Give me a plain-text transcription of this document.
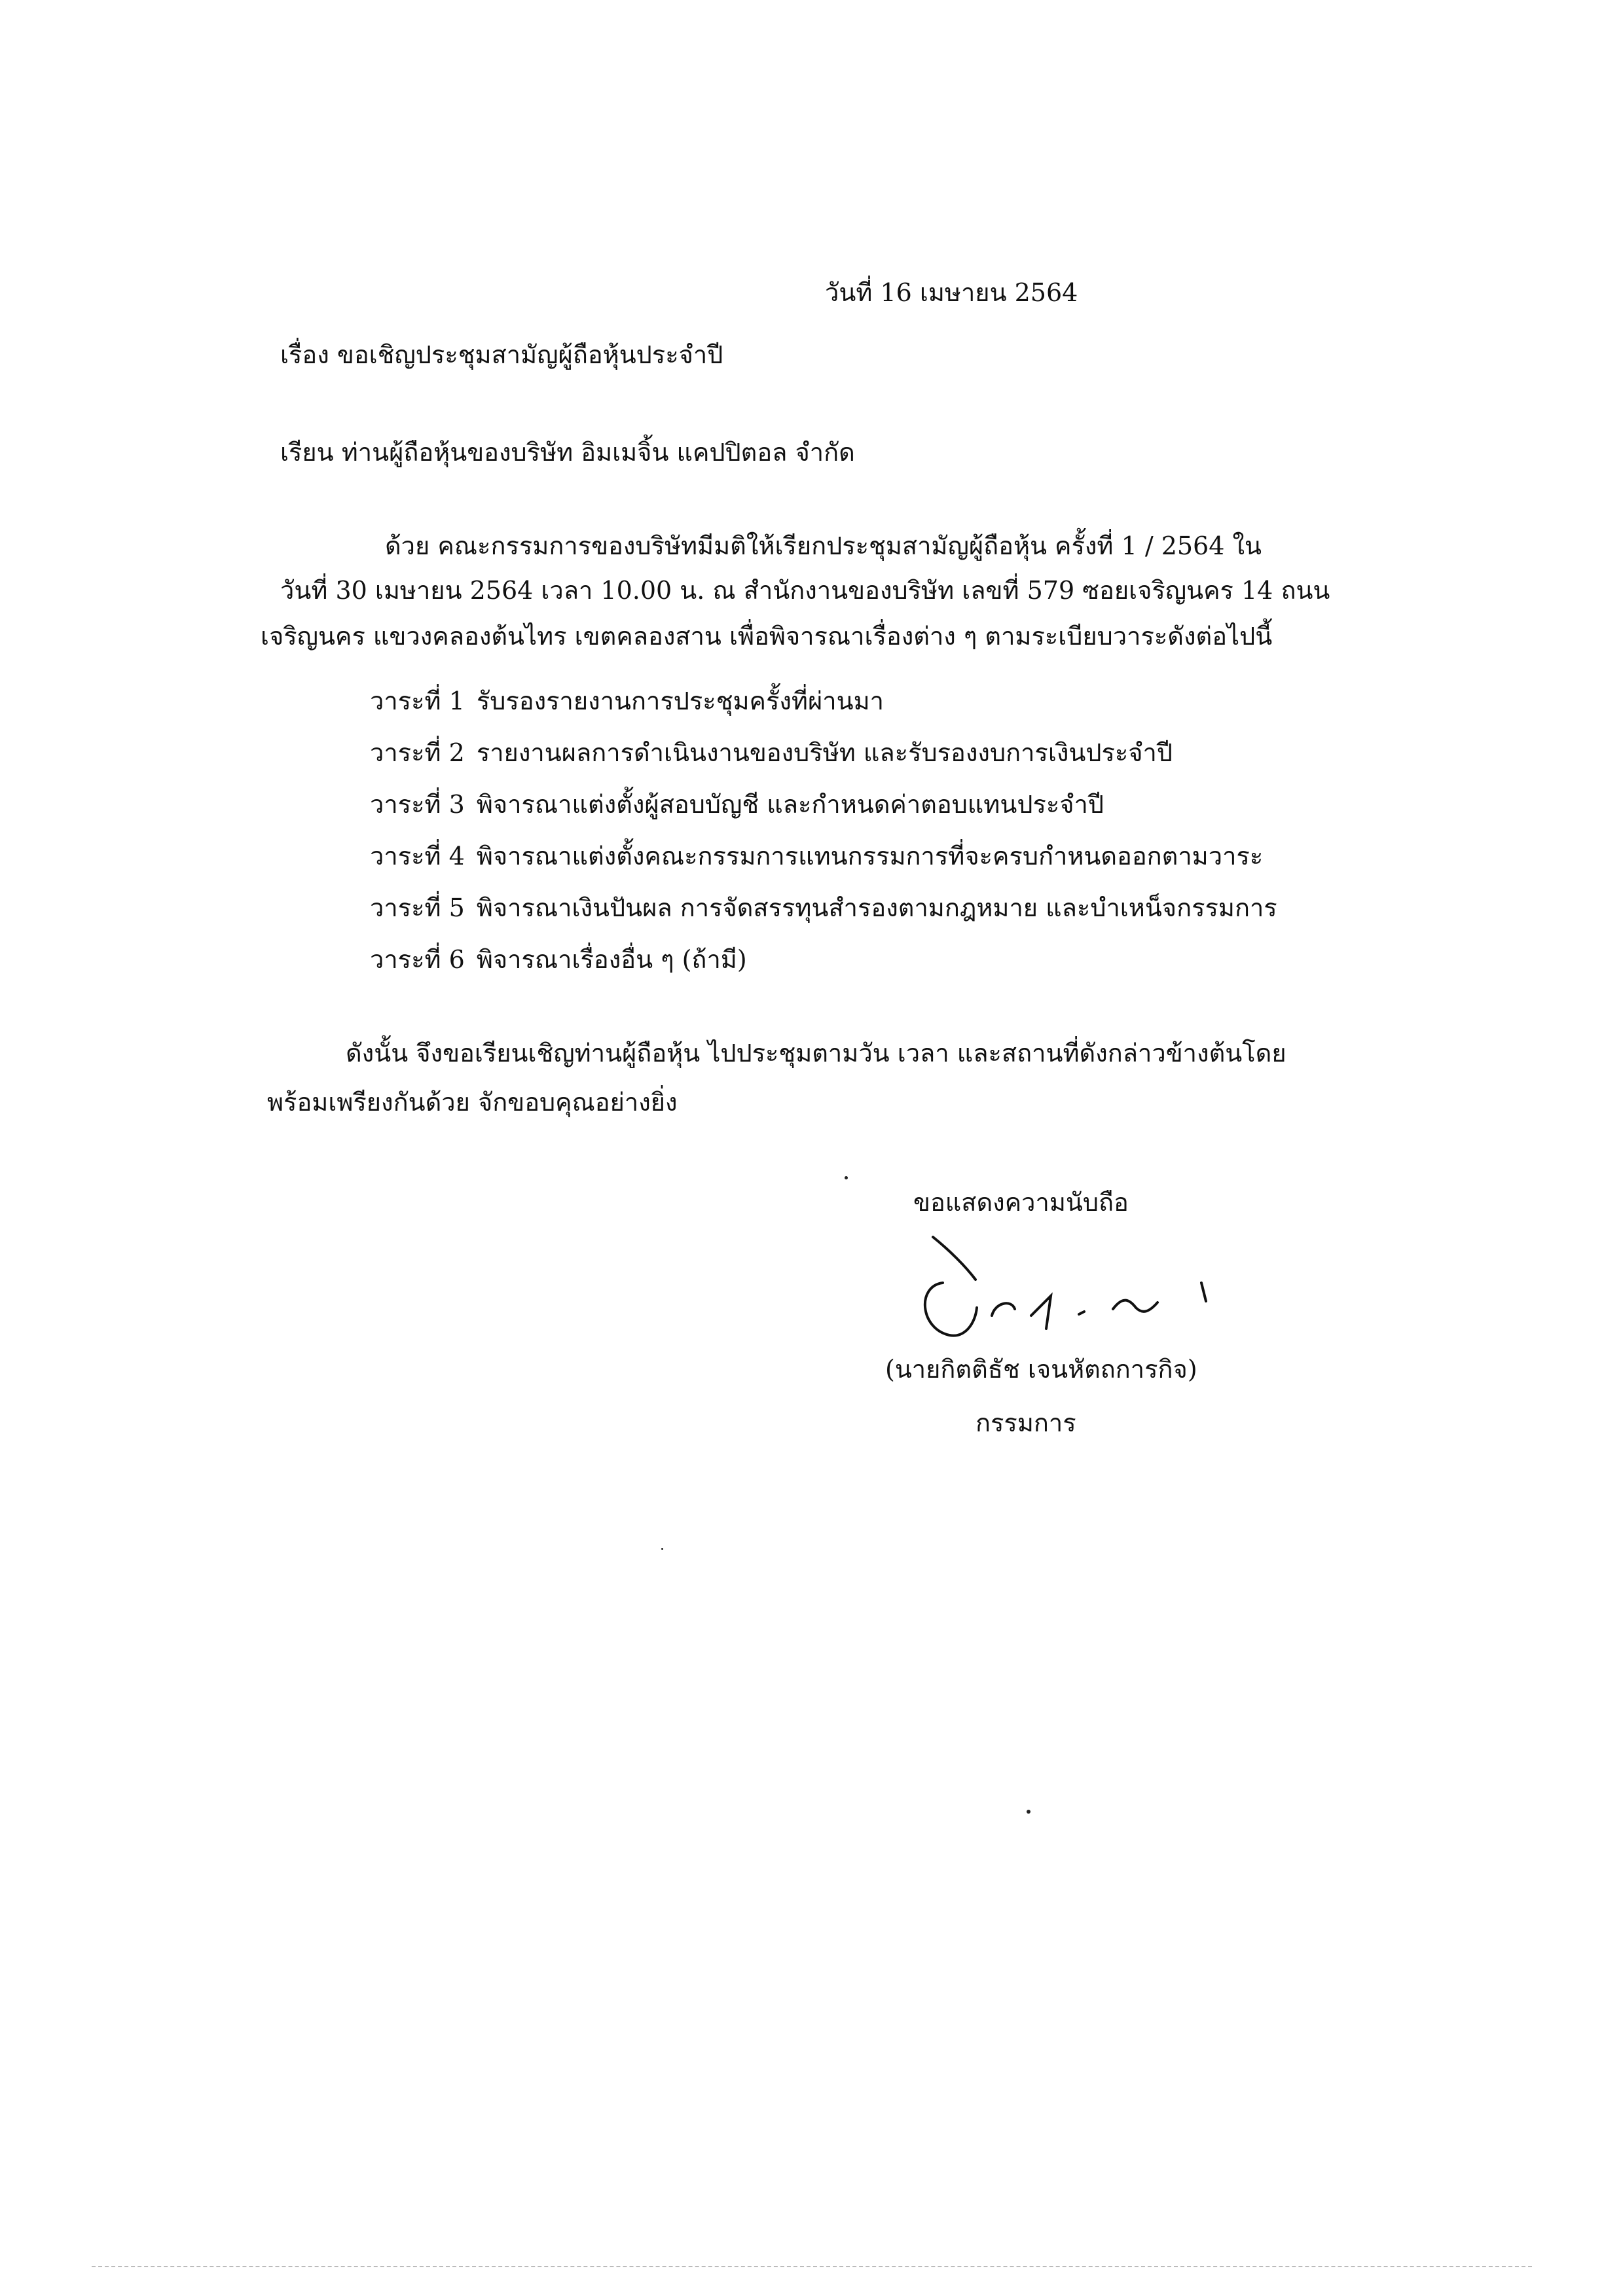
วันที่ 16 เมษายน 2564
เรื่อง ขอเชิญประชุมสามัญผู้ถือหุ้นประจำปี
เรียน ท่านผู้ถือหุ้นของบริษัท อิมเมจิ้น แคปปิตอล จำกัด
ด้วย คณะกรรมการของบริษัทมีมติให้เรียกประชุมสามัญผู้ถือหุ้น ครั้งที่ 1 / 2564 ใน
วันที่ 30 เมษายน 2564 เวลา 10.00 น. ณ สำนักงานของบริษัท เลขที่ 579 ซอยเจริญนคร 14 ถนน
เจริญนคร แขวงคลองต้นไทร เขตคลองสาน เพื่อพิจารณาเรื่องต่าง ๆ ตามระเบียบวาระดังต่อไปนี้
วาระที่ 1 รับรองรายงานการประชุมครั้งที่ผ่านมา
วาระที่ 2 รายงานผลการดำเนินงานของบริษัท และรับรองงบการเงินประจำปี
วาระที่ 3 พิจารณาแต่งตั้งผู้สอบบัญชี และกำหนดค่าตอบแทนประจำปี
วาระที่ 4 พิจารณาแต่งตั้งคณะกรรมการแทนกรรมการที่จะครบกำหนดออกตามวาระ
วาระที่ 5 พิจารณาเงินปันผล การจัดสรรทุนสำรองตามกฎหมาย และบำเหน็จกรรมการ
วาระที่ 6 พิจารณาเรื่องอื่น ๆ (ถ้ามี)
ดังนั้น จึงขอเรียนเชิญท่านผู้ถือหุ้น ไปประชุมตามวัน เวลา และสถานที่ดังกล่าวข้างต้นโดย
พร้อมเพรียงกันด้วย จักขอบคุณอย่างยิ่ง
ขอแสดงความนับถือ
(นายกิตติธัช เจนหัตถการกิจ)
กรรมการ
